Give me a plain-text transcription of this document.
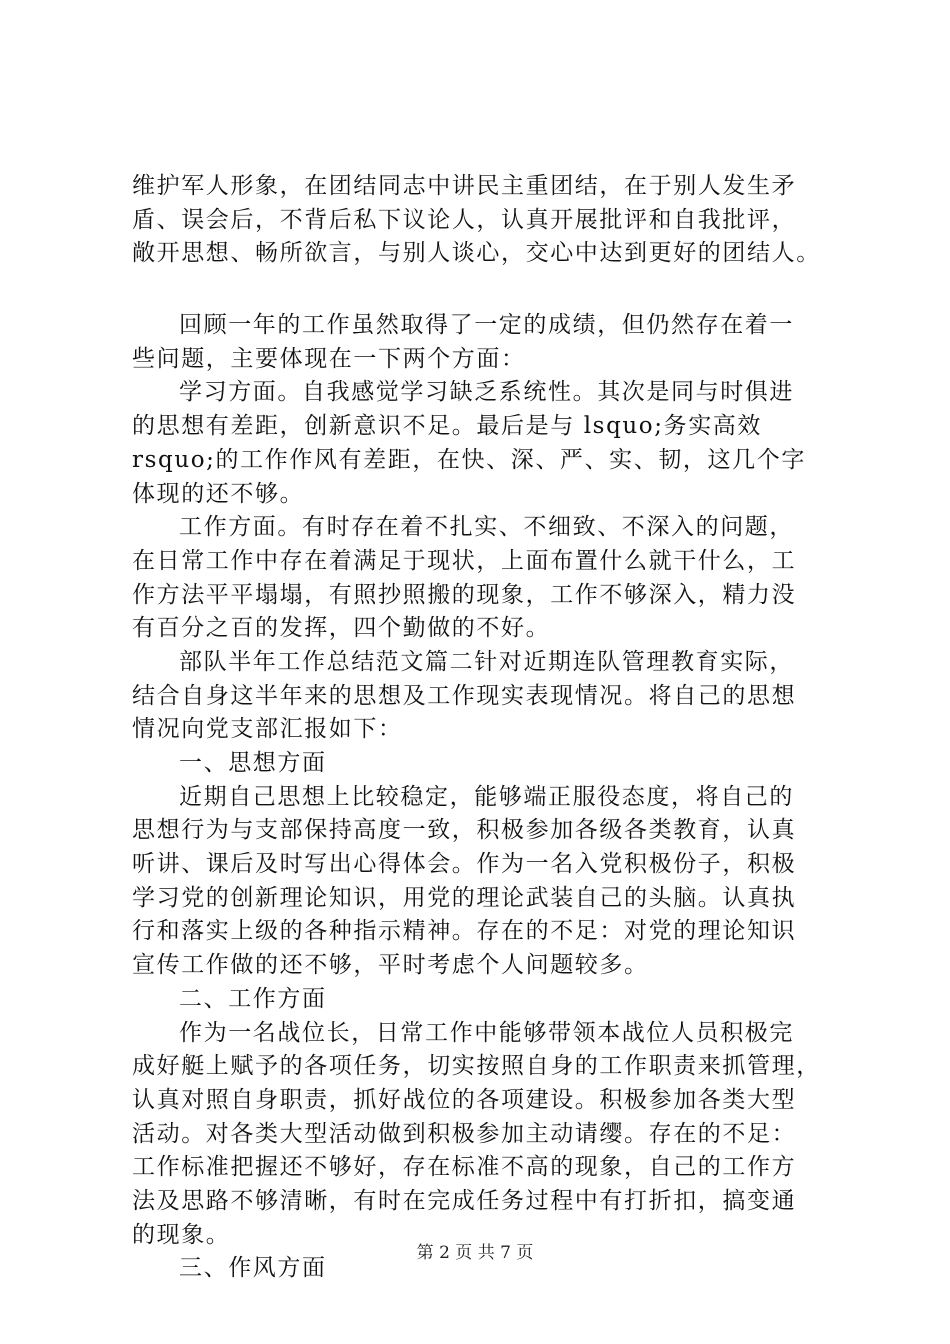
维护军人形象，在团结同志中讲民主重团结，在于别人发生矛
盾、误会后，不背后私下议论人，认真开展批评和自我批评，
敞开思想、畅所欲言，与别人谈心，交心中达到更好的团结人。

回顾一年的工作虽然取得了一定的成绩，但仍然存在着一
些问题，主要体现在一下两个方面：

学习方面。自我感觉学习缺乏系统性。其次是同与时俱进
的思想有差距，创新意识不足。最后是与 lsquo;务实高效
rsquo;的工作作风有差距，在快、深、严、实、韧，这几个字
体现的还不够。

工作方面。有时存在着不扎实、不细致、不深入的问题，
在日常工作中存在着满足于现状，上面布置什么就干什么，工
作方法平平塌塌，有照抄照搬的现象，工作不够深入，精力没
有百分之百的发挥，四个勤做的不好。

部队半年工作总结范文篇二针对近期连队管理教育实际，
结合自身这半年来的思想及工作现实表现情况。将自己的思想
情况向党支部汇报如下：

一、思想方面

近期自己思想上比较稳定，能够端正服役态度，将自己的
思想行为与支部保持高度一致，积极参加各级各类教育，认真
听讲、课后及时写出心得体会。作为一名入党积极份子，积极
学习党的创新理论知识，用党的理论武装自己的头脑。认真执
行和落实上级的各种指示精神。存在的不足：对党的理论知识
宣传工作做的还不够，平时考虑个人问题较多。

二、工作方面

作为一名战位长，日常工作中能够带领本战位人员积极完
成好艇上赋予的各项任务，切实按照自身的工作职责来抓管理，
认真对照自身职责，抓好战位的各项建设。积极参加各类大型
活动。对各类大型活动做到积极参加主动请缨。存在的不足：
工作标准把握还不够好，存在标准不高的现象，自己的工作方
法及思路不够清晰，有时在完成任务过程中有打折扣，搞变通
的现象。

三、作风方面

第 2 页 共 7 页
